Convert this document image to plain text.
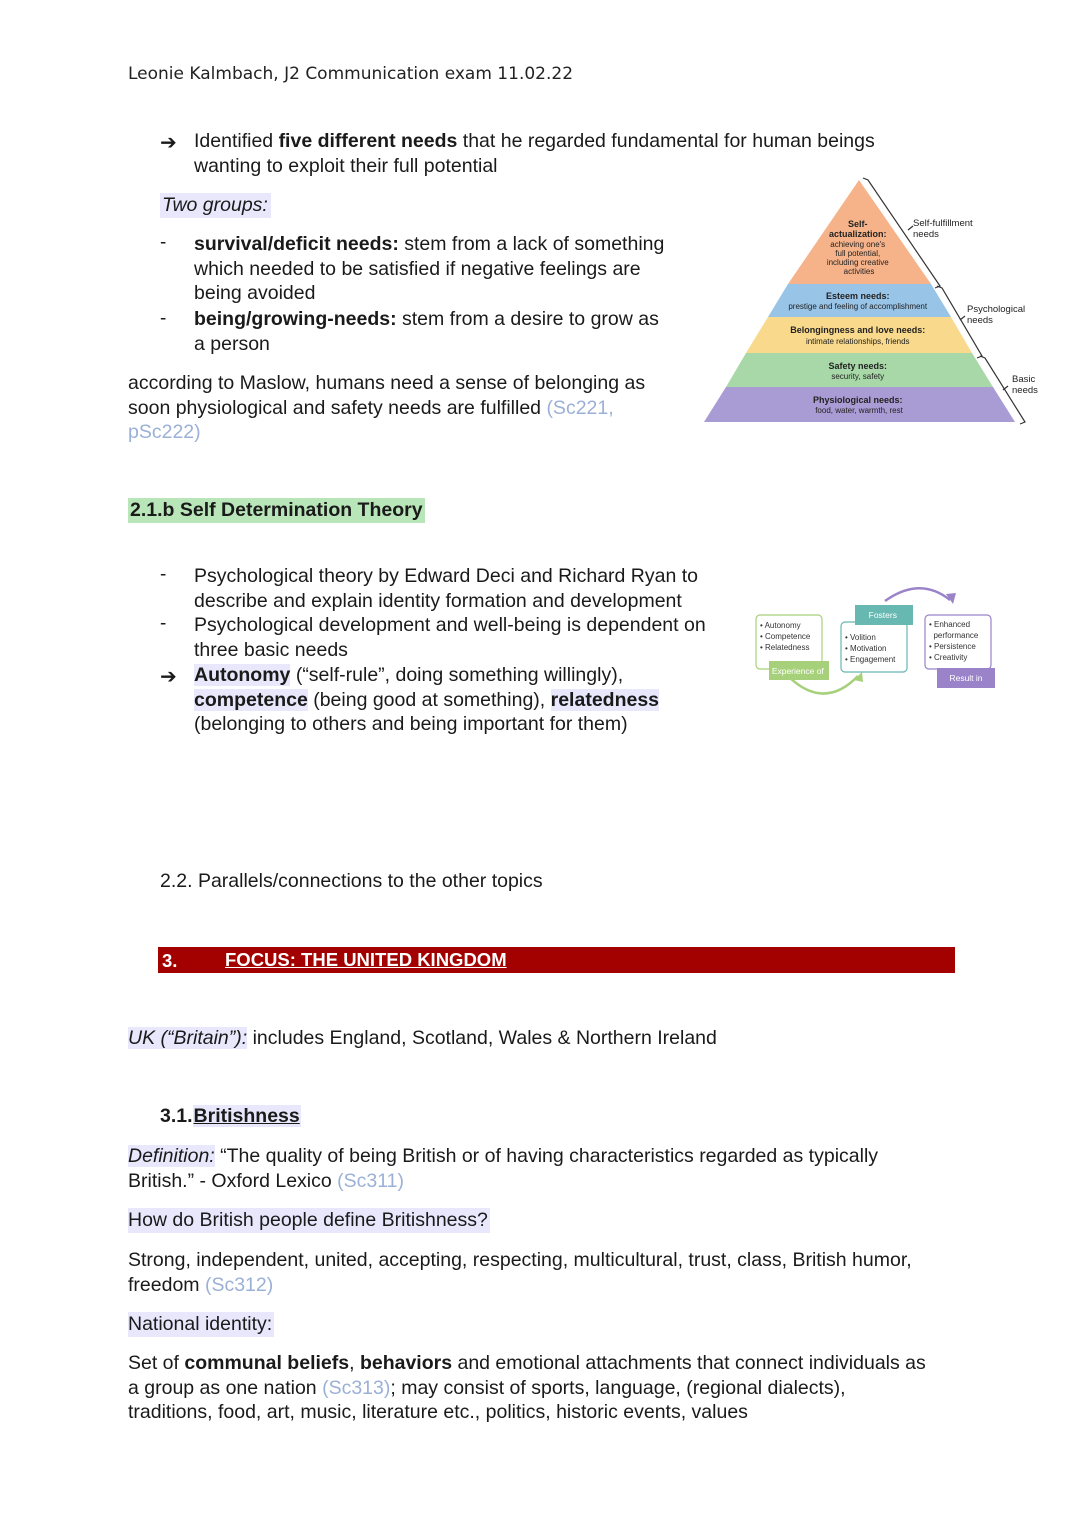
Leonie Kalmbach, J2 Communication exam 11.02.22
➔ Identified five different needs that he regarded fundamental for human beings
wanting to exploit their full potential
Two groups:
- survival/deficit needs: stem from a lack of something
which needed to be satisfied if negative feelings are
being avoided
- being/growing-needs: stem from a desire to grow as
a person
according to Maslow, humans need a sense of belonging as
soon physiological and safety needs are fulfilled (Sc221,
pSc222)
Self- actualization: achieving one's full potential, including creative activities
Esteem needs: prestige and feeling of accomplishment Belongingness and love needs: intimate relationships, friends Safety needs: security, safety Physiological needs: food, water, warmth, rest
Self-fulfillment needs Psychological needs Basic needs
2.1.b Self Determination Theory
- Psychological theory by Edward Deci and Richard Ryan to
describe and explain identity formation and development
- Psychological development and well-being is dependent on
three basic needs
➔ Autonomy (“self-rule”, doing something willingly),
competence (being good at something), relatedness
(belonging to others and being important for them)
• Autonomy • Competence • Relatedness • Volition • Motivation • Engagement • Enhanced   performance • Persistence • Creativity
Experience of Fosters Result in
2.2. Parallels/connections to the other topics
3.	FOCUS: THE UNITED KINGDOM
UK (“Britain”): includes England, Scotland, Wales & Northern Ireland
3.1.Britishness
Definition: “The quality of being British or of having characteristics regarded as typically
British.” - Oxford Lexico (Sc311)
How do British people define Britishness?
Strong, independent, united, accepting, respecting, multicultural, trust, class, British humor,
freedom (Sc312)
National identity:
Set of communal beliefs, behaviors and emotional attachments that connect individuals as
a group as one nation (Sc313); may consist of sports, language, (regional dialects),
traditions, food, art, music, literature etc., politics, historic events, values
